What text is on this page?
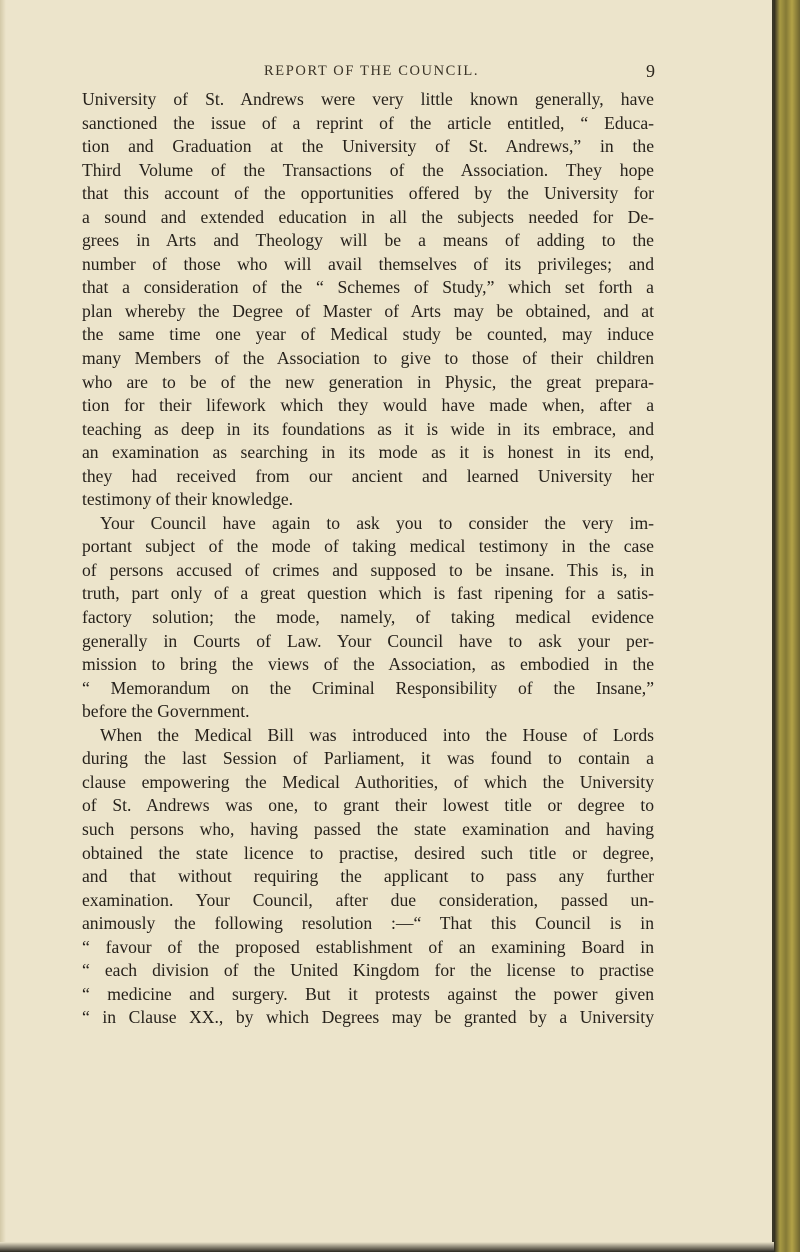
REPORT OF THE COUNCIL.	9
University of St. Andrews were very little known generally, have
sanctioned the issue of a reprint of the article entitled, “ Educa-
tion and Graduation at the University of St. Andrews,” in the
Third Volume of the Transactions of the Association. They hope
that this account of the opportunities offered by the University for
a sound and extended education in all the subjects needed for De-
grees in Arts and Theology will be a means of adding to the
number of those who will avail themselves of its privileges; and
that a consideration of the “ Schemes of Study,” which set forth a
plan whereby the Degree of Master of Arts may be obtained, and at
the same time one year of Medical study be counted, may induce
many Members of the Association to give to those of their children
who are to be of the new generation in Physic, the great prepara-
tion for their lifework which they would have made when, after a
teaching as deep in its foundations as it is wide in its embrace, and
an examination as searching in its mode as it is honest in its end,
they had received from our ancient and learned University her
testimony of their knowledge.
Your Council have again to ask you to consider the very im-
portant subject of the mode of taking medical testimony in the case
of persons accused of crimes and supposed to be insane. This is, in
truth, part only of a great question which is fast ripening for a satis-
factory solution; the mode, namely, of taking medical evidence
generally in Courts of Law. Your Council have to ask your per-
mission to bring the views of the Association, as embodied in the
“ Memorandum on the Criminal Responsibility of the Insane,”
before the Government.
When the Medical Bill was introduced into the House of Lords
during the last Session of Parliament, it was found to contain a
clause empowering the Medical Authorities, of which the University
of St. Andrews was one, to grant their lowest title or degree to
such persons who, having passed the state examination and having
obtained the state licence to practise, desired such title or degree,
and that without requiring the applicant to pass any further
examination. Your Council, after due consideration, passed un-
animously the following resolution :—“ That this Council is in
“ favour of the proposed establishment of an examining Board in
“ each division of the United Kingdom for the license to practise
“ medicine and surgery. But it protests against the power given
“ in Clause XX., by which Degrees may be granted by a University
